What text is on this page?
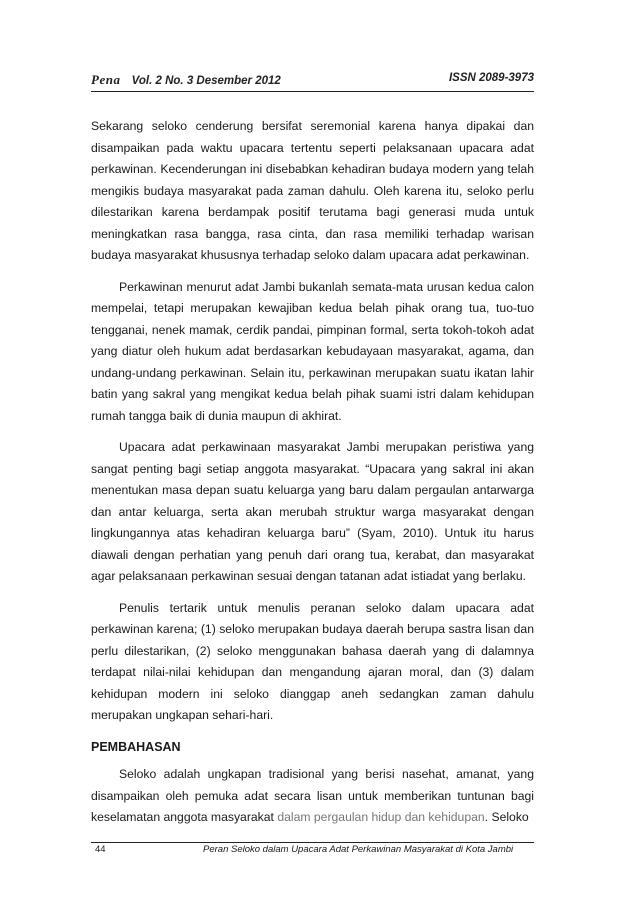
Pena Vol. 2 No. 3 Desember 2012	ISSN 2089-3973

Sekarang seloko cenderung bersifat seremonial karena hanya dipakai dan disampaikan pada waktu upacara tertentu seperti pelaksanaan upacara adat perkawinan. Kecenderungan ini disebabkan kehadiran budaya modern yang telah mengikis budaya masyarakat pada zaman dahulu. Oleh karena itu, seloko perlu dilestarikan karena berdampak positif terutama bagi generasi muda untuk meningkatkan rasa bangga, rasa cinta, dan rasa memiliki terhadap warisan budaya masyarakat khususnya terhadap seloko dalam upacara adat perkawinan.

Perkawinan menurut adat Jambi bukanlah semata-mata urusan kedua calon mempelai, tetapi merupakan kewajiban kedua belah pihak orang tua, tuo-tuo tengganai, nenek mamak, cerdik pandai, pimpinan formal, serta tokoh-tokoh adat yang diatur oleh hukum adat berdasarkan kebudayaan masyarakat, agama, dan undang-undang perkawinan. Selain itu, perkawinan merupakan suatu ikatan lahir batin yang sakral yang mengikat kedua belah pihak suami istri dalam kehidupan rumah tangga baik di dunia maupun di akhirat.

Upacara adat perkawinaan masyarakat Jambi merupakan peristiwa yang sangat penting bagi setiap anggota masyarakat. “Upacara yang sakral ini akan menentukan masa depan suatu keluarga yang baru dalam pergaulan antarwarga dan antar keluarga, serta akan merubah struktur warga masyarakat dengan lingkungannya atas kehadiran keluarga baru” (Syam, 2010). Untuk itu harus diawali dengan perhatian yang penuh dari orang tua, kerabat, dan masyarakat agar pelaksanaan perkawinan sesuai dengan tatanan adat istiadat yang berlaku.

Penulis tertarik untuk menulis peranan seloko dalam upacara adat perkawinan karena; (1) seloko merupakan budaya daerah berupa sastra lisan dan perlu dilestarikan, (2) seloko menggunakan bahasa daerah yang di dalamnya terdapat nilai-nilai kehidupan dan mengandung ajaran moral, dan (3) dalam kehidupan modern ini seloko dianggap aneh sedangkan zaman dahulu merupakan ungkapan sehari-hari.

PEMBAHASAN

Seloko adalah ungkapan tradisional yang berisi nasehat, amanat, yang disampaikan oleh pemuka adat secara lisan untuk memberikan tuntunan bagi keselamatan anggota masyarakat dalam pergaulan hidup dan kehidupan. Seloko

44	Peran Seloko dalam Upacara Adat Perkawinan Masyarakat di Kota Jambi
